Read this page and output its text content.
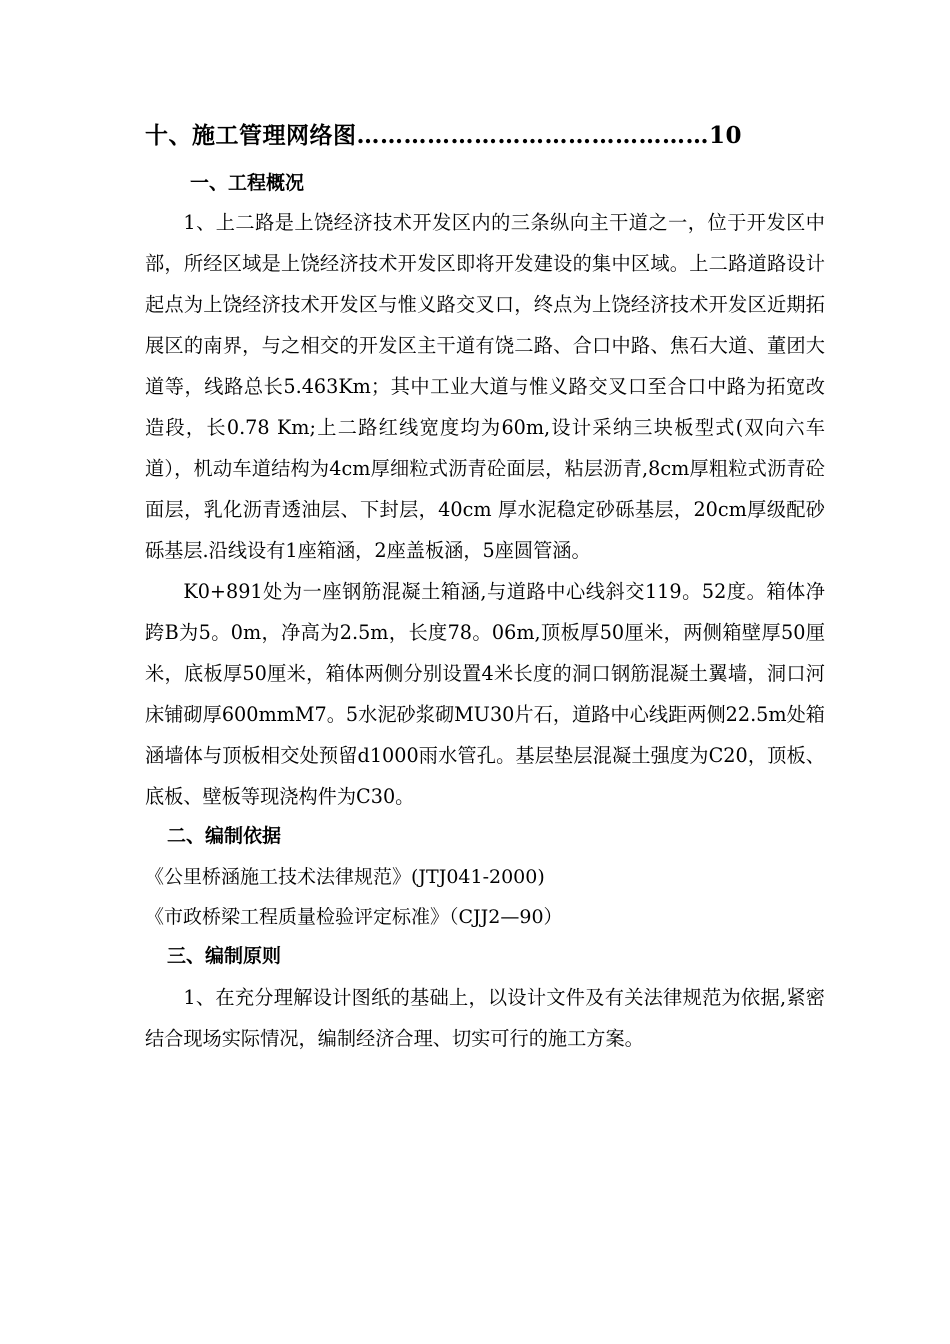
十、施工管理网络图………………………………………10
一、工程概况

1、上二路是上饶经济技术开发区内的三条纵向主干道之一，位于开发区中部，所经区域是上饶经济技术开发区即将开发建设的集中区域。上二路道路设计起点为上饶经济技术开发区与惟义路交叉口，终点为上饶经济技术开发区近期拓展区的南界，与之相交的开发区主干道有饶二路、合口中路、焦石大道、董团大道等，线路总长5.463Km；其中工业大道与惟义路交叉口至合口中路为拓宽改造段，长0.78 Km;上二路红线宽度均为60m,设计采纳三块板型式(双向六车道），机动车道结构为4cm厚细粒式沥青砼面层，粘层沥青,8cm厚粗粒式沥青砼面层，乳化沥青透油层、下封层，40cm 厚水泥稳定砂砾基层，20cm厚级配砂砾基层.沿线设有1座箱涵，2座盖板涵，5座圆管涵。

K0+891处为一座钢筋混凝土箱涵,与道路中心线斜交119。52度。箱体净跨B为5。0m，净高为2.5m，长度78。06m,顶板厚50厘米，两侧箱壁厚50厘米，底板厚50厘米，箱体两侧分别设置4米长度的洞口钢筋混凝土翼墙，洞口河床铺砌厚600mmM7。5水泥砂浆砌MU30片石，道路中心线距两侧22.5m处箱涵墙体与顶板相交处预留d1000雨水管孔。基层垫层混凝土强度为C20，顶板、底板、壁板等现浇构件为C30。

二、编制依据

《公里桥涵施工技术法律规范》(JTJ041-2000)

《市政桥梁工程质量检验评定标准》（CJJ2—90）

三、编制原则

1、在充分理解设计图纸的基础上，以设计文件及有关法律规范为依据,紧密结合现场实际情况，编制经济合理、切实可行的施工方案。
